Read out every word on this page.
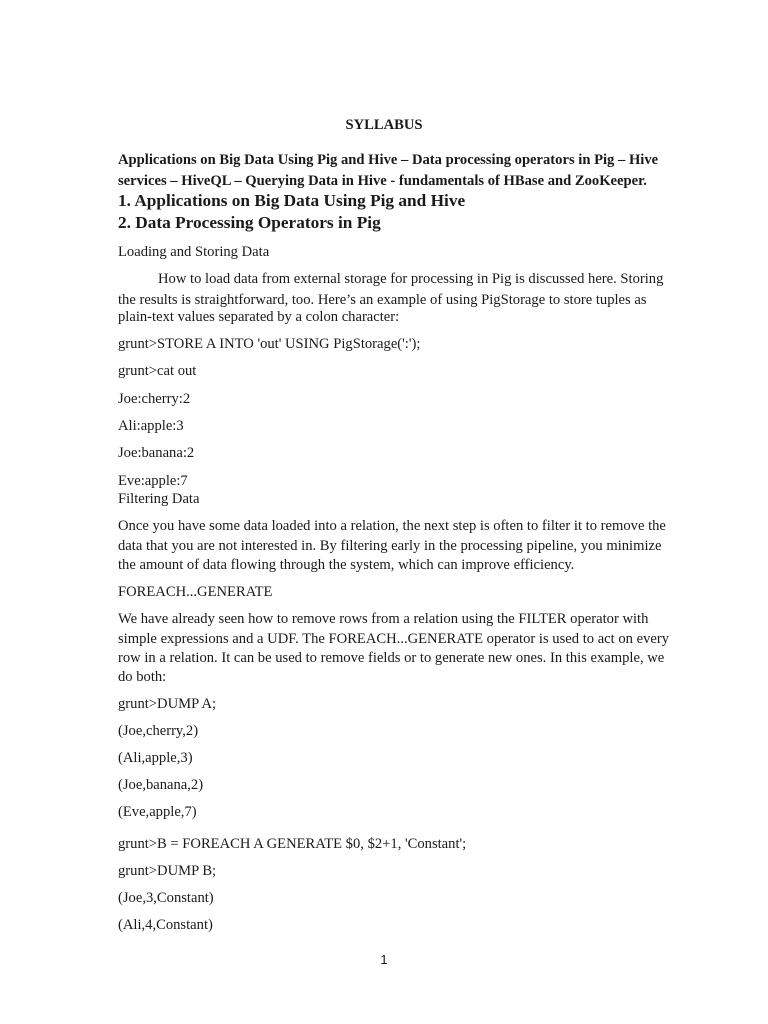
SYLLABUS
Applications on Big Data Using Pig and Hive – Data processing operators in Pig – Hive
services – HiveQL – Querying Data in Hive - fundamentals of HBase and ZooKeeper.
1. Applications on Big Data Using Pig and Hive
2. Data Processing Operators in Pig
Loading and Storing Data
How to load data from external storage for processing in Pig is discussed here. Storing
the results is straightforward, too. Here’s an example of using PigStorage to store tuples as
plain-text values separated by a colon character:
grunt>STORE A INTO 'out' USING PigStorage(':');
grunt>cat out
Joe:cherry:2
Ali:apple:3
Joe:banana:2
Eve:apple:7
Filtering Data
Once you have some data loaded into a relation, the next step is often to filter it to remove the
data that you are not interested in. By filtering early in the processing pipeline, you minimize
the amount of data flowing through the system, which can improve efficiency.
FOREACH...GENERATE
We have already seen how to remove rows from a relation using the FILTER operator with
simple expressions and a UDF. The FOREACH...GENERATE operator is used to act on every
row in a relation. It can be used to remove fields or to generate new ones. In this example, we
do both:
grunt>DUMP A;
(Joe,cherry,2)
(Ali,apple,3)
(Joe,banana,2)
(Eve,apple,7)
grunt>B = FOREACH A GENERATE $0, $2+1, 'Constant';
grunt>DUMP B;
(Joe,3,Constant)
(Ali,4,Constant)
1
